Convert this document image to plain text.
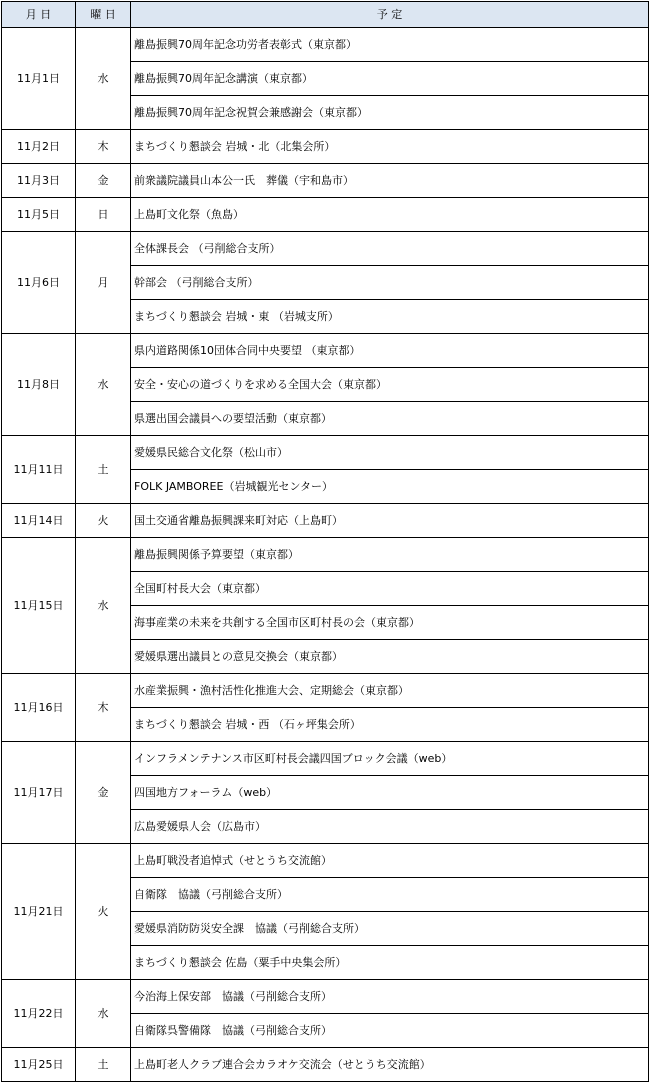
月 日	曜 日	予 定
11月1日	水	離島振興70周年記念功労者表彰式（東京都）
		離島振興70周年記念講演（東京都）
		離島振興70周年記念祝賀会兼感謝会（東京都）
11月2日	木	まちづくり懇談会 岩城・北（北集会所）
11月3日	金	前衆議院議員山本公一氏　葬儀（宇和島市）
11月5日	日	上島町文化祭（魚島）
11月6日	月	全体課長会 （弓削総合支所）
		幹部会 （弓削総合支所）
		まちづくり懇談会 岩城・東 （岩城支所）
11月8日	水	県内道路関係10団体合同中央要望 （東京都）
		安全・安心の道づくりを求める全国大会（東京都）
		県選出国会議員への要望活動（東京都）
11月11日	土	愛媛県民総合文化祭（松山市）
		FOLK JAMBOREE（岩城観光センター）
11月14日	火	国土交通省離島振興課来町対応（上島町）
11月15日	水	離島振興関係予算要望（東京都）
		全国町村長大会（東京都）
		海事産業の未来を共創する全国市区町村長の会（東京都）
		愛媛県選出議員との意見交換会（東京都）
11月16日	木	水産業振興・漁村活性化推進大会、定期総会（東京都）
		まちづくり懇談会 岩城・西 （石ヶ坪集会所）
11月17日	金	インフラメンテナンス市区町村長会議四国ブロック会議（web）
		四国地方フォーラム（web）
		広島愛媛県人会（広島市）
11月21日	火	上島町戦没者追悼式（せとうち交流館）
		自衛隊　協議（弓削総合支所）
		愛媛県消防防災安全課　協議（弓削総合支所）
		まちづくり懇談会 佐島（粟手中央集会所）
11月22日	水	今治海上保安部　協議（弓削総合支所）
		自衛隊呉警備隊　協議（弓削総合支所）
11月25日	土	上島町老人クラブ連合会カラオケ交流会（せとうち交流館）
